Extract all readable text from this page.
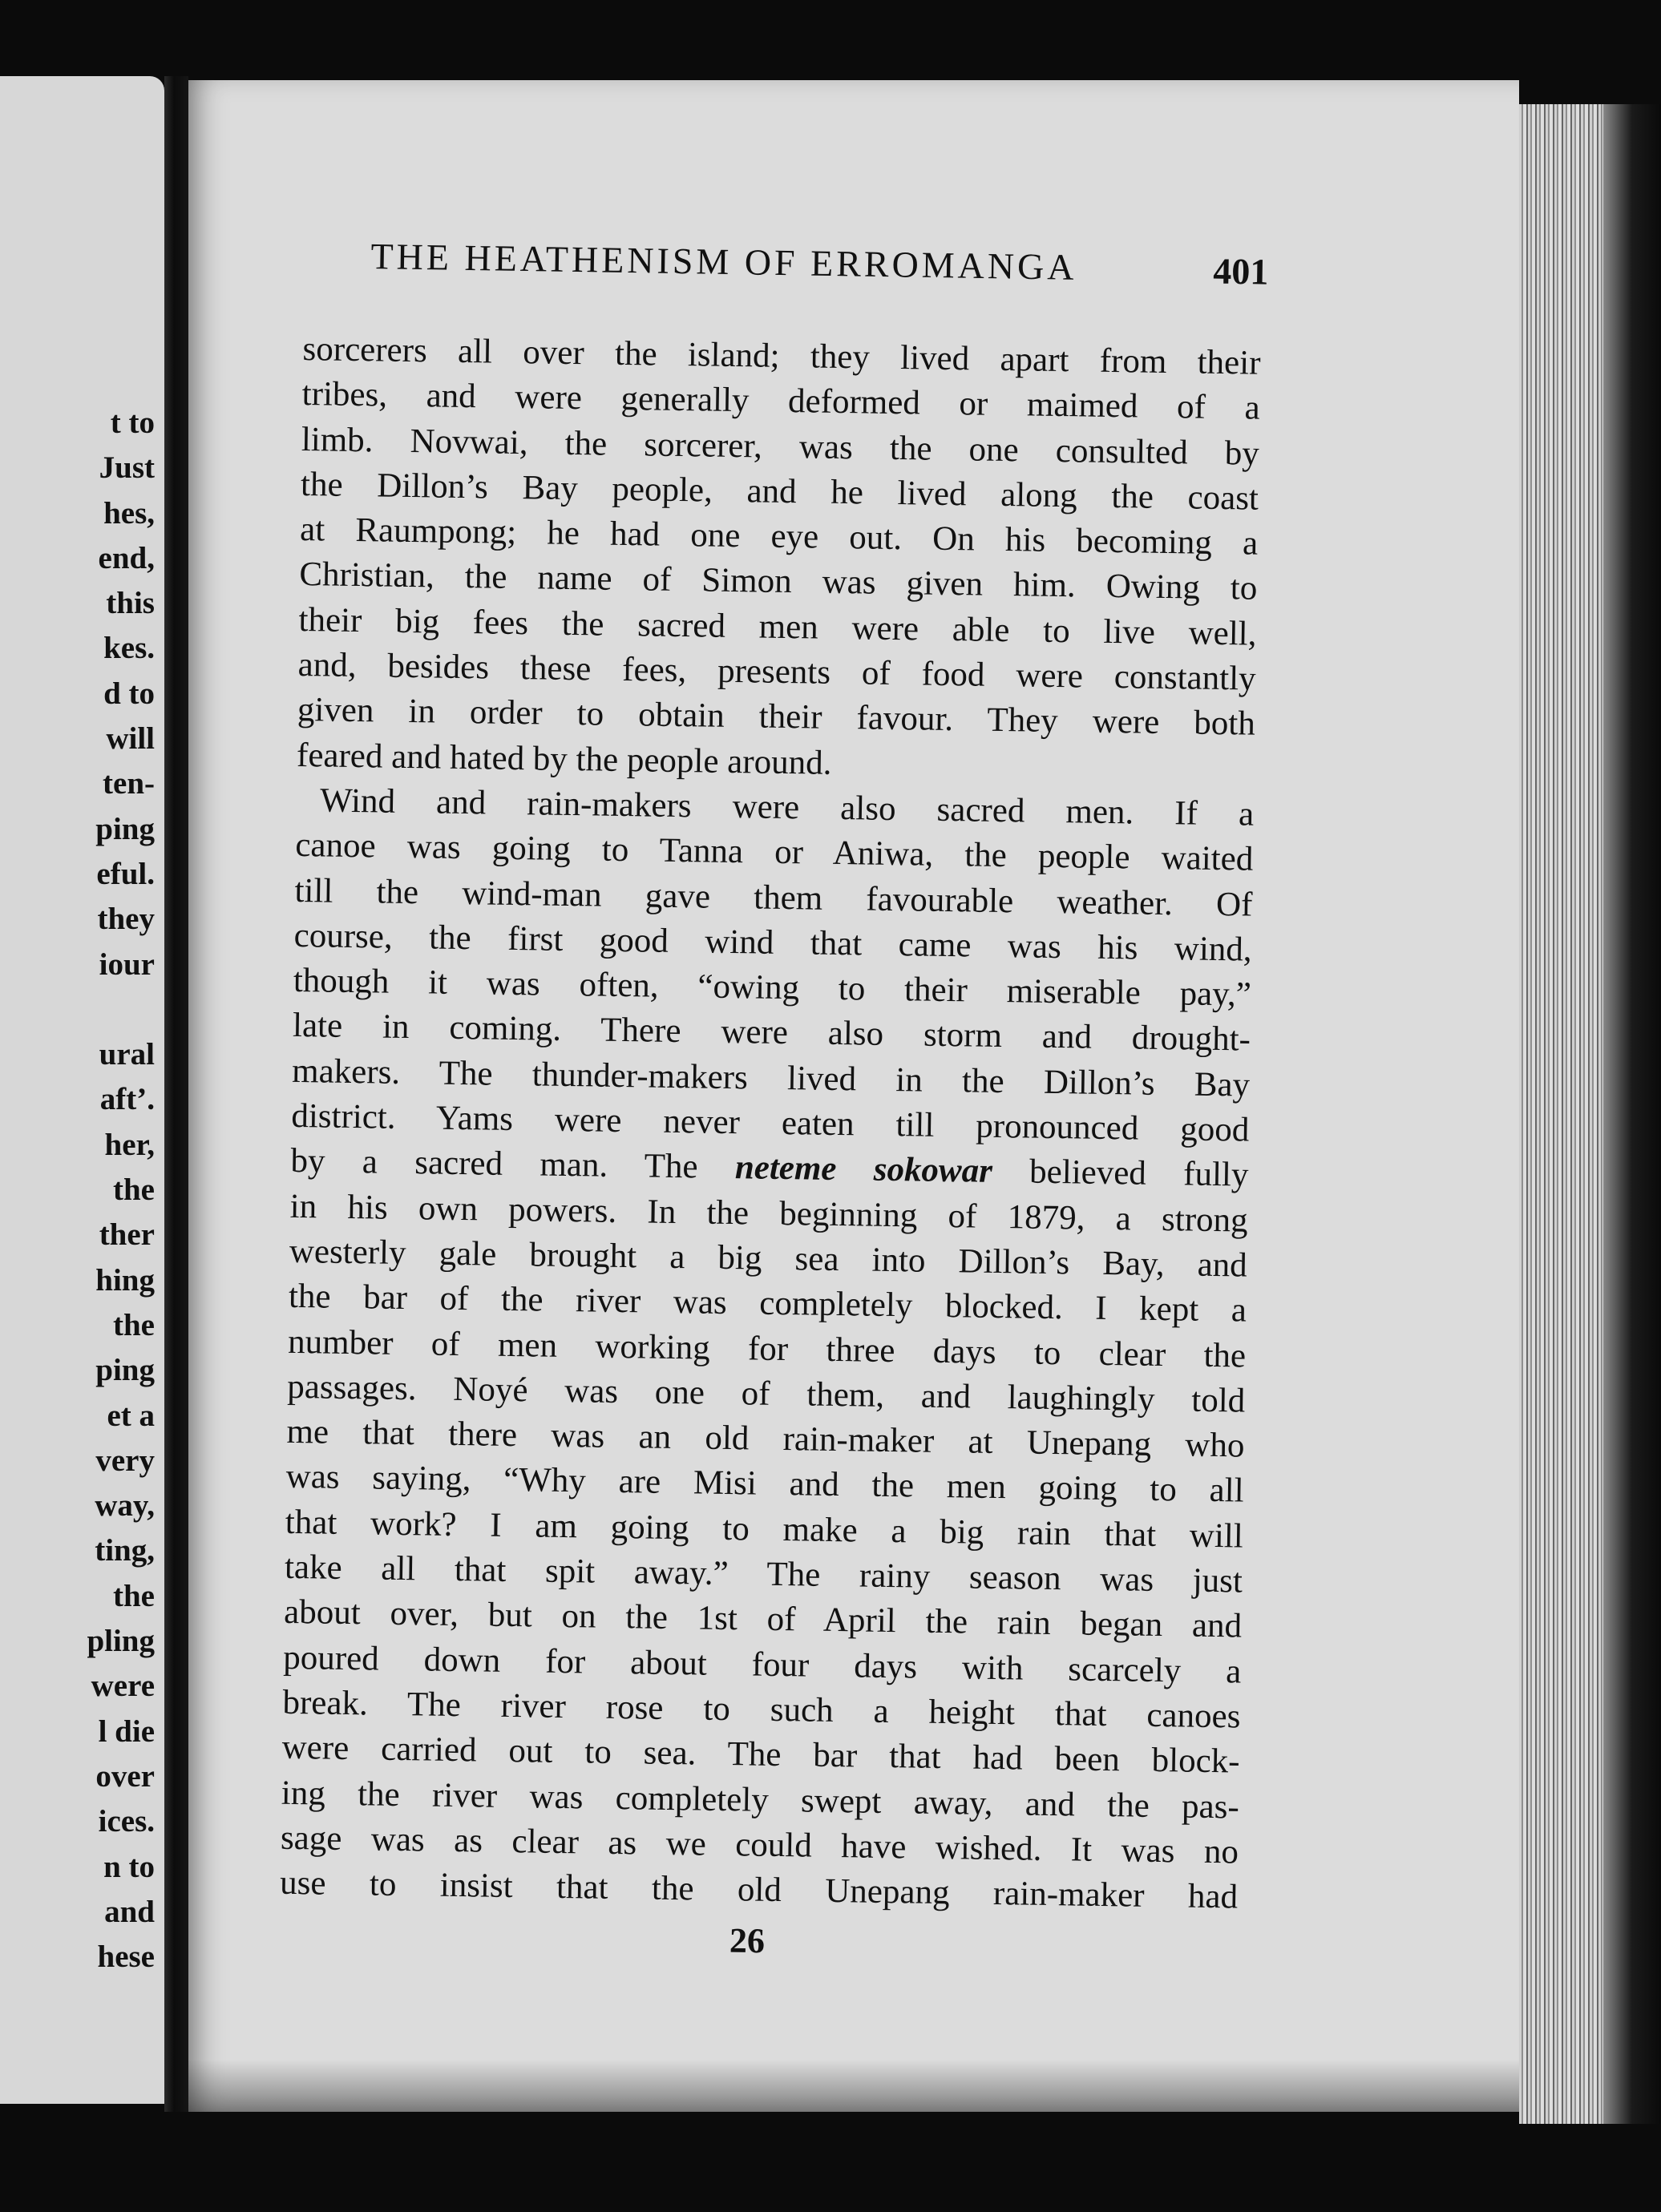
t to
Just
hes,
end,
this
kes.
d to
will
ten-
ping
eful.
they
iour
ural
aft’.
her,
the
ther
hing
the
ping
et a
very
way,
ting,
the
pling
were
l die
over
ices.
n to
and
hese
THE HEATHENISM OF ERROMANGA	401
sorcerers all over the island; they lived apart from their
tribes, and were generally deformed or maimed of a
limb. Novwai, the sorcerer, was the one consulted by
the Dillon’s Bay people, and he lived along the coast
at Raumpong; he had one eye out. On his becoming a
Christian, the name of Simon was given him. Owing to
their big fees the sacred men were able to live well,
and, besides these fees, presents of food were constantly
given in order to obtain their favour. They were both
feared and hated by the people around.
Wind and rain-makers were also sacred men. If a
canoe was going to Tanna or Aniwa, the people waited
till the wind-man gave them favourable weather. Of
course, the first good wind that came was his wind,
though it was often, “owing to their miserable pay,”
late in coming. There were also storm and drought-
makers. The thunder-makers lived in the Dillon’s Bay
district. Yams were never eaten till pronounced good
by a sacred man. The neteme sokowar believed fully
in his own powers. In the beginning of 1879, a strong
westerly gale brought a big sea into Dillon’s Bay, and
the bar of the river was completely blocked. I kept a
number of men working for three days to clear the
passages. Noyé was one of them, and laughingly told
me that there was an old rain-maker at Unepang who
was saying, “Why are Misi and the men going to all
that work? I am going to make a big rain that will
take all that spit away.” The rainy season was just
about over, but on the 1st of April the rain began and
poured down for about four days with scarcely a
break. The river rose to such a height that canoes
were carried out to sea. The bar that had been block-
ing the river was completely swept away, and the pas-
sage was as clear as we could have wished. It was no
use to insist that the old Unepang rain-maker had
26
